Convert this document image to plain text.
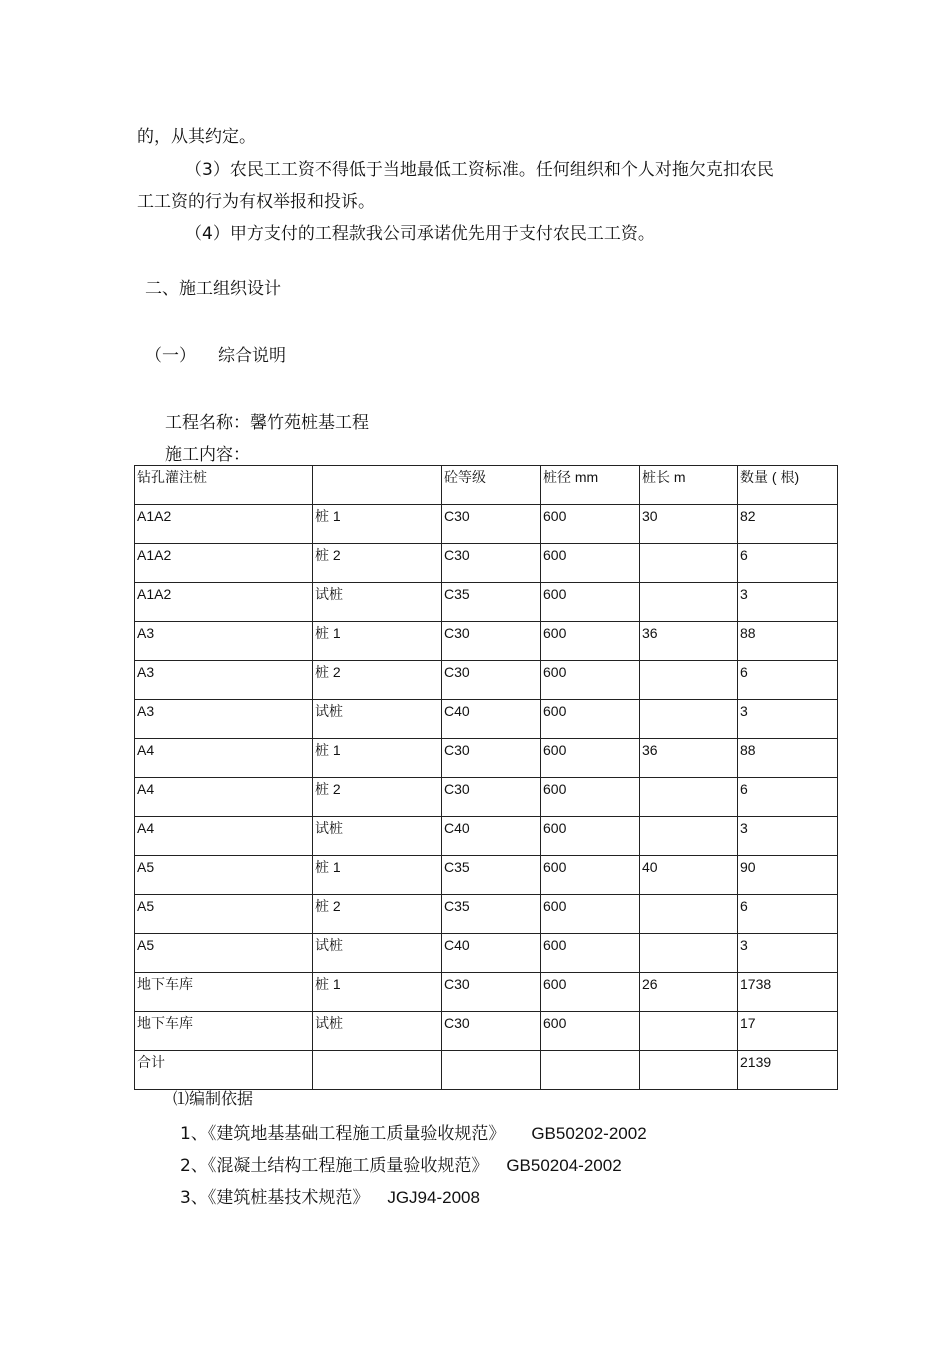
的，从其约定。
（3）农民工工资不得低于当地最低工资标准。任何组织和个人对拖欠克扣农民
工工资的行为有权举报和投诉。
（4）甲方支付的工程款我公司承诺优先用于支付农民工工资。
二、施工组织设计
（一） 综合说明
工程名称：馨竹苑桩基工程
施工内容：
钻孔灌注桩		砼等级	桩径 mm	桩长 m	数量 ( 根)
A1A2	桩 1	C30	600	30	82
A1A2	桩 2	C30	600		6
A1A2	试桩	C35	600		3
A3	桩 1	C30	600	36	88
A3	桩 2	C30	600		6
A3	试桩	C40	600		3
A4	桩 1	C30	600	36	88
A4	桩 2	C30	600		6
A4	试桩	C40	600		3
A5	桩 1	C35	600	40	90
A5	桩 2	C35	600		6
A5	试桩	C40	600		3
地下车库	桩 1	C30	600	26	1738
地下车库	试桩	C30	600		17
合计					2139
⑴编制依据
1、《建筑地基基础工程施工质量验收规范》 GB50202-2002
2、《混凝土结构工程施工质量验收规范》 GB50204-2002
3、《建筑桩基技术规范》 JGJ94-2008
